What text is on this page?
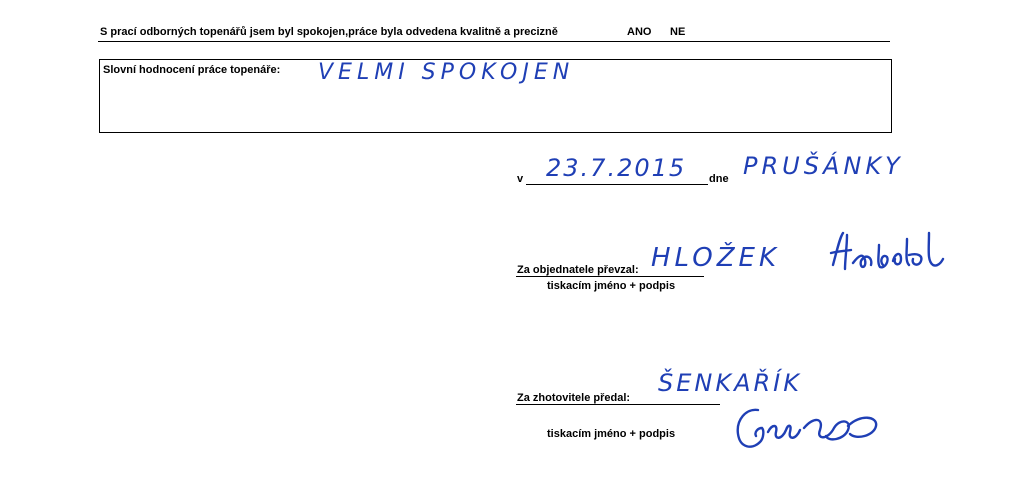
S prací odborných topenářů jsem byl spokojen,práce byla odvedena kvalitně a precizně	ANO NE
Slovní hodnocení práce topenáře: VELMI SPOKOJEN
v 23.7.2015 dne PRUŠÁNKY
Za objednatele převzal: HLOŽEK
tiskacím jméno + podpis
Za zhotovitele předal:
ŠENKAŘÍK
tiskacím jméno + podpis
